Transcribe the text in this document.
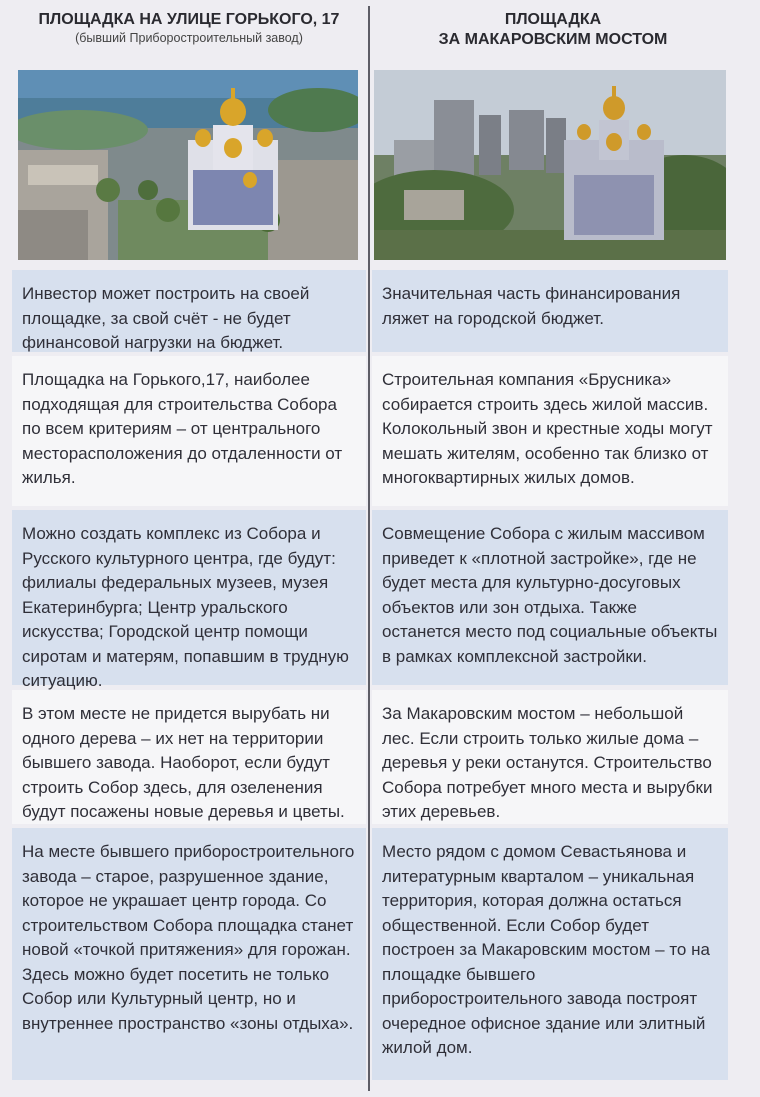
ПЛОЩАДКА НА УЛИЦЕ ГОРЬКОГО, 17
(бывший Приборостроительный завод)
ПЛОЩАДКА
ЗА МАКАРОВСКИМ МОСТОМ
Инвестор может построить на своей площадке, за свой счёт - не будет финансовой нагрузки на бюджет.
Значительная часть финансирования ляжет на городской бюджет.
Площадка на Горького,17, наиболее подходящая для строительства Собора по всем критериям – от центрального месторасположения до отдаленности от жилья.
Строительная компания «Брусника» собирается строить здесь жилой массив. Колокольный звон и крестные ходы могут мешать жителям, особенно так близко от многоквартирных жилых домов.
Можно создать комплекс из Собора и Русского культурного центра, где будут: филиалы федеральных музеев, музея Екатеринбурга; Центр уральского искусства; Городской центр помощи сиротам и матерям, попавшим в трудную ситуацию.
Совмещение Собора с жилым массивом приведет к «плотной застройке», где не будет места для культурно-досуговых объектов или зон отдыха. Также останется место под социальные объекты в рамках комплексной застройки.
В этом месте не придется вырубать ни одного дерева – их нет на территории бывшего завода. Наоборот, если будут строить Собор здесь, для озеленения будут посажены новые деревья и цветы.
За Макаровским мостом – небольшой лес. Если строить только жилые дома – деревья у реки останутся. Строительство Собора потребует много места и вырубки этих деревьев.
На месте бывшего приборостроительного завода – старое, разрушенное здание, которое не украшает центр города. Со строительством Собора площадка станет новой «точкой притяжения» для горожан. Здесь можно будет посетить не только Собор или Культурный центр, но и внутреннее пространство «зоны отдыха».
Место рядом с домом Севастьянова и литературным кварталом – уникальная территория, которая должна остаться общественной. Если Собор будет построен за Макаровским мостом – то на площадке бывшего приборостроительного завода построят очередное офисное здание или элитный жилой дом.
